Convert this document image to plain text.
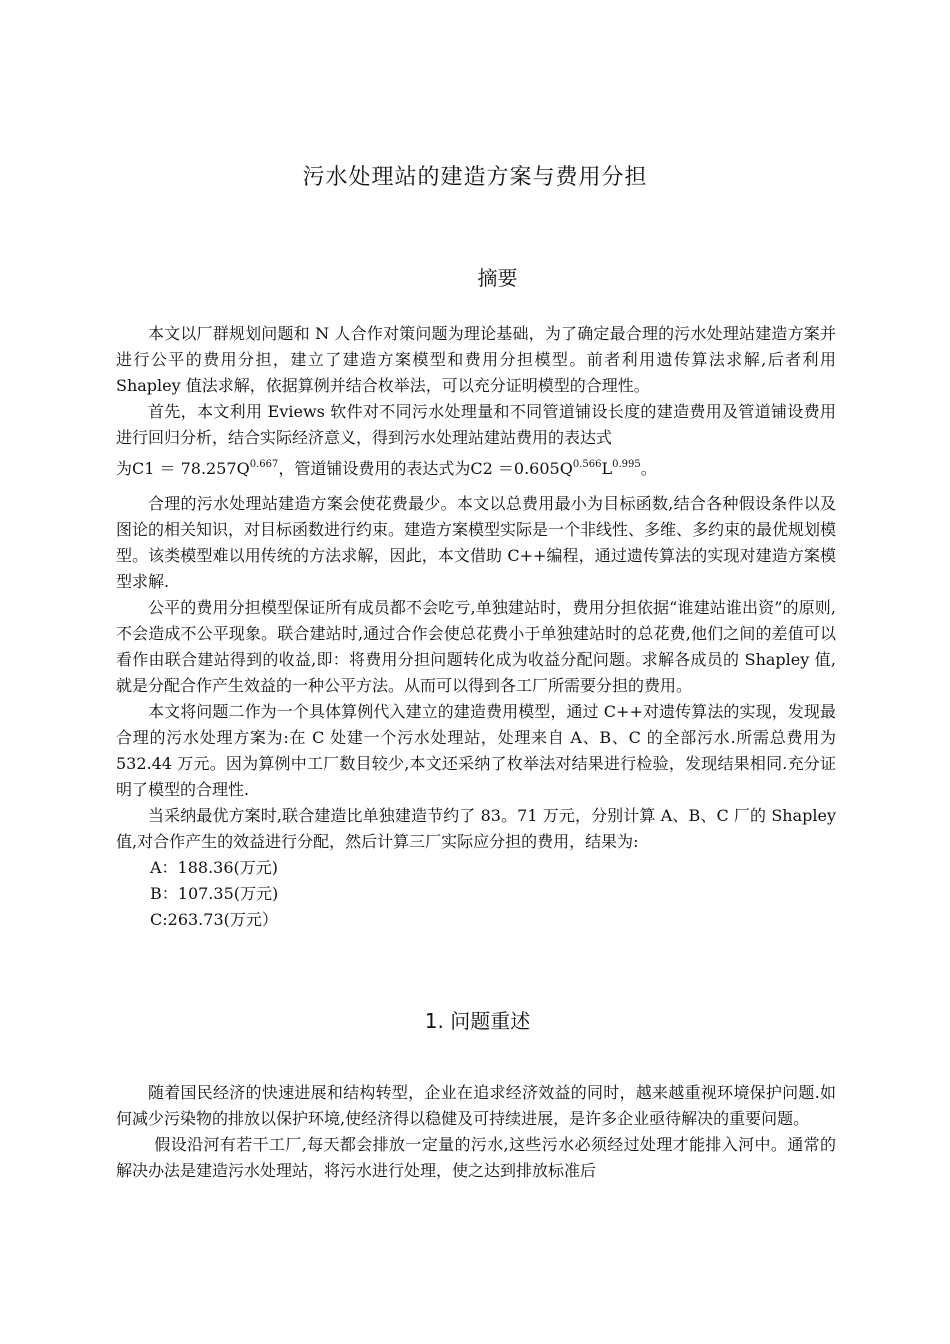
污水处理站的建造方案与费用分担
摘要

本文以厂群规划问题和 N 人合作对策问题为理论基础，为了确定最合理的污水处理站建造方案并进行公平的费用分担，建立了建造方案模型和费用分担模型。前者利用遗传算法求解,后者利用 Shapley 值法求解，依据算例并结合枚举法，可以充分证明模型的合理性。

首先，本文利用 Eviews 软件对不同污水处理量和不同管道铺设长度的建造费用及管道铺设费用进行回归分析，结合实际经济意义，得到污水处理站建站费用的表达式

为$C1 = 78.257Q^{0.667}$，管道铺设费用的表达式为$C2 =0.605Q^{0.566}L^{0.995}$。

合理的污水处理站建造方案会使花费最少。本文以总费用最小为目标函数,结合各种假设条件以及图论的相关知识，对目标函数进行约束。建造方案模型实际是一个非线性、多维、多约束的最优规划模型。该类模型难以用传统的方法求解，因此，本文借助 C++编程，通过遗传算法的实现对建造方案模型求解.

公平的费用分担模型保证所有成员都不会吃亏,单独建站时，费用分担依据“谁建站谁出资”的原则,不会造成不公平现象。联合建站时,通过合作会使总花费小于单独建站时的总花费,他们之间的差值可以看作由联合建站得到的收益,即：将费用分担问题转化成为收益分配问题。求解各成员的 Shapley 值,就是分配合作产生效益的一种公平方法。从而可以得到各工厂所需要分担的费用。

本文将问题二作为一个具体算例代入建立的建造费用模型，通过 C++对遗传算法的实现，发现最合理的污水处理方案为:在 C 处建一个污水处理站，处理来自 A、B、C 的全部污水.所需总费用为 532.44 万元。因为算例中工厂数目较少,本文还采纳了枚举法对结果进行检验，发现结果相同.充分证明了模型的合理性.

当采纳最优方案时,联合建造比单独建造节约了 83。71 万元，分别计算 A、B、C 厂的 Shapley 值,对合作产生的效益进行分配，然后计算三厂实际应分担的费用，结果为:

A：188.36(万元)

B：107.35(万元)

C:263.73(万元）

1. 问题重述

随着国民经济的快速进展和结构转型，企业在追求经济效益的同时，越来越重视环境保护问题.如何减少污染物的排放以保护环境,使经济得以稳健及可持续进展，是许多企业亟待解决的重要问题。

假设沿河有若干工厂,每天都会排放一定量的污水,这些污水必须经过处理才能排入河中。通常的解决办法是建造污水处理站，将污水进行处理，使之达到排放标准后
